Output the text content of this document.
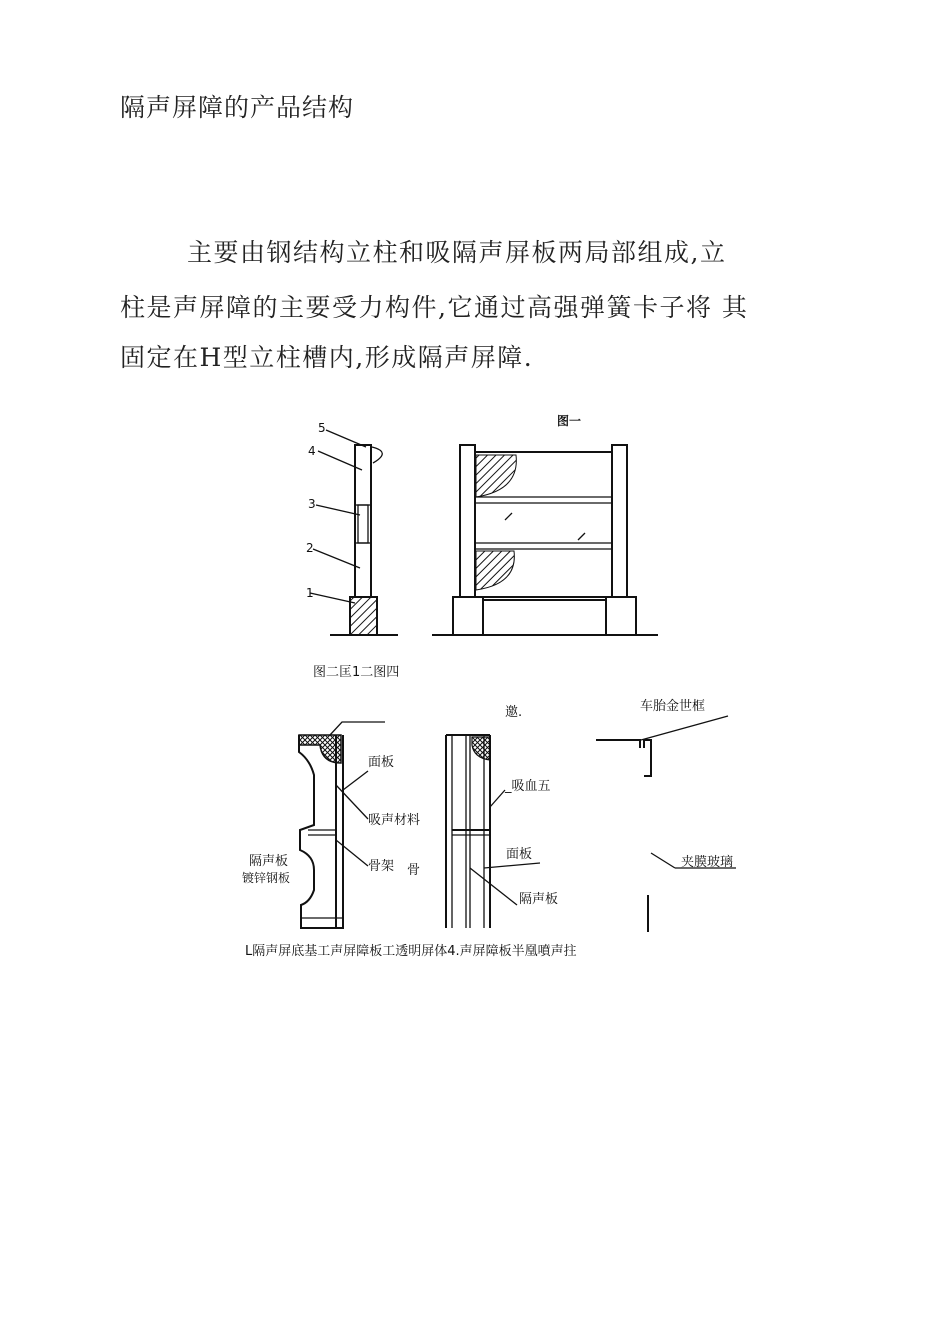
隔声屏障的产品结构
主要由钢结构立柱和吸隔声屏板两局部组成,立
柱是声屏障的主要受力构件,它通过高强弹簧卡子将 其
固定在H型立柱槽内,形成隔声屏障.
5
4
3
2
1
图一
图二匡1二图四
面板
吸声材料
骨架 骨
隔声板
镀锌钢板
邀.
_吸血五
面板
隔声板
车胎金世框
夹膜玻璃
L隔声屏底基工声屏障板工透明屏体4.声屏障板半凰噴声拄
